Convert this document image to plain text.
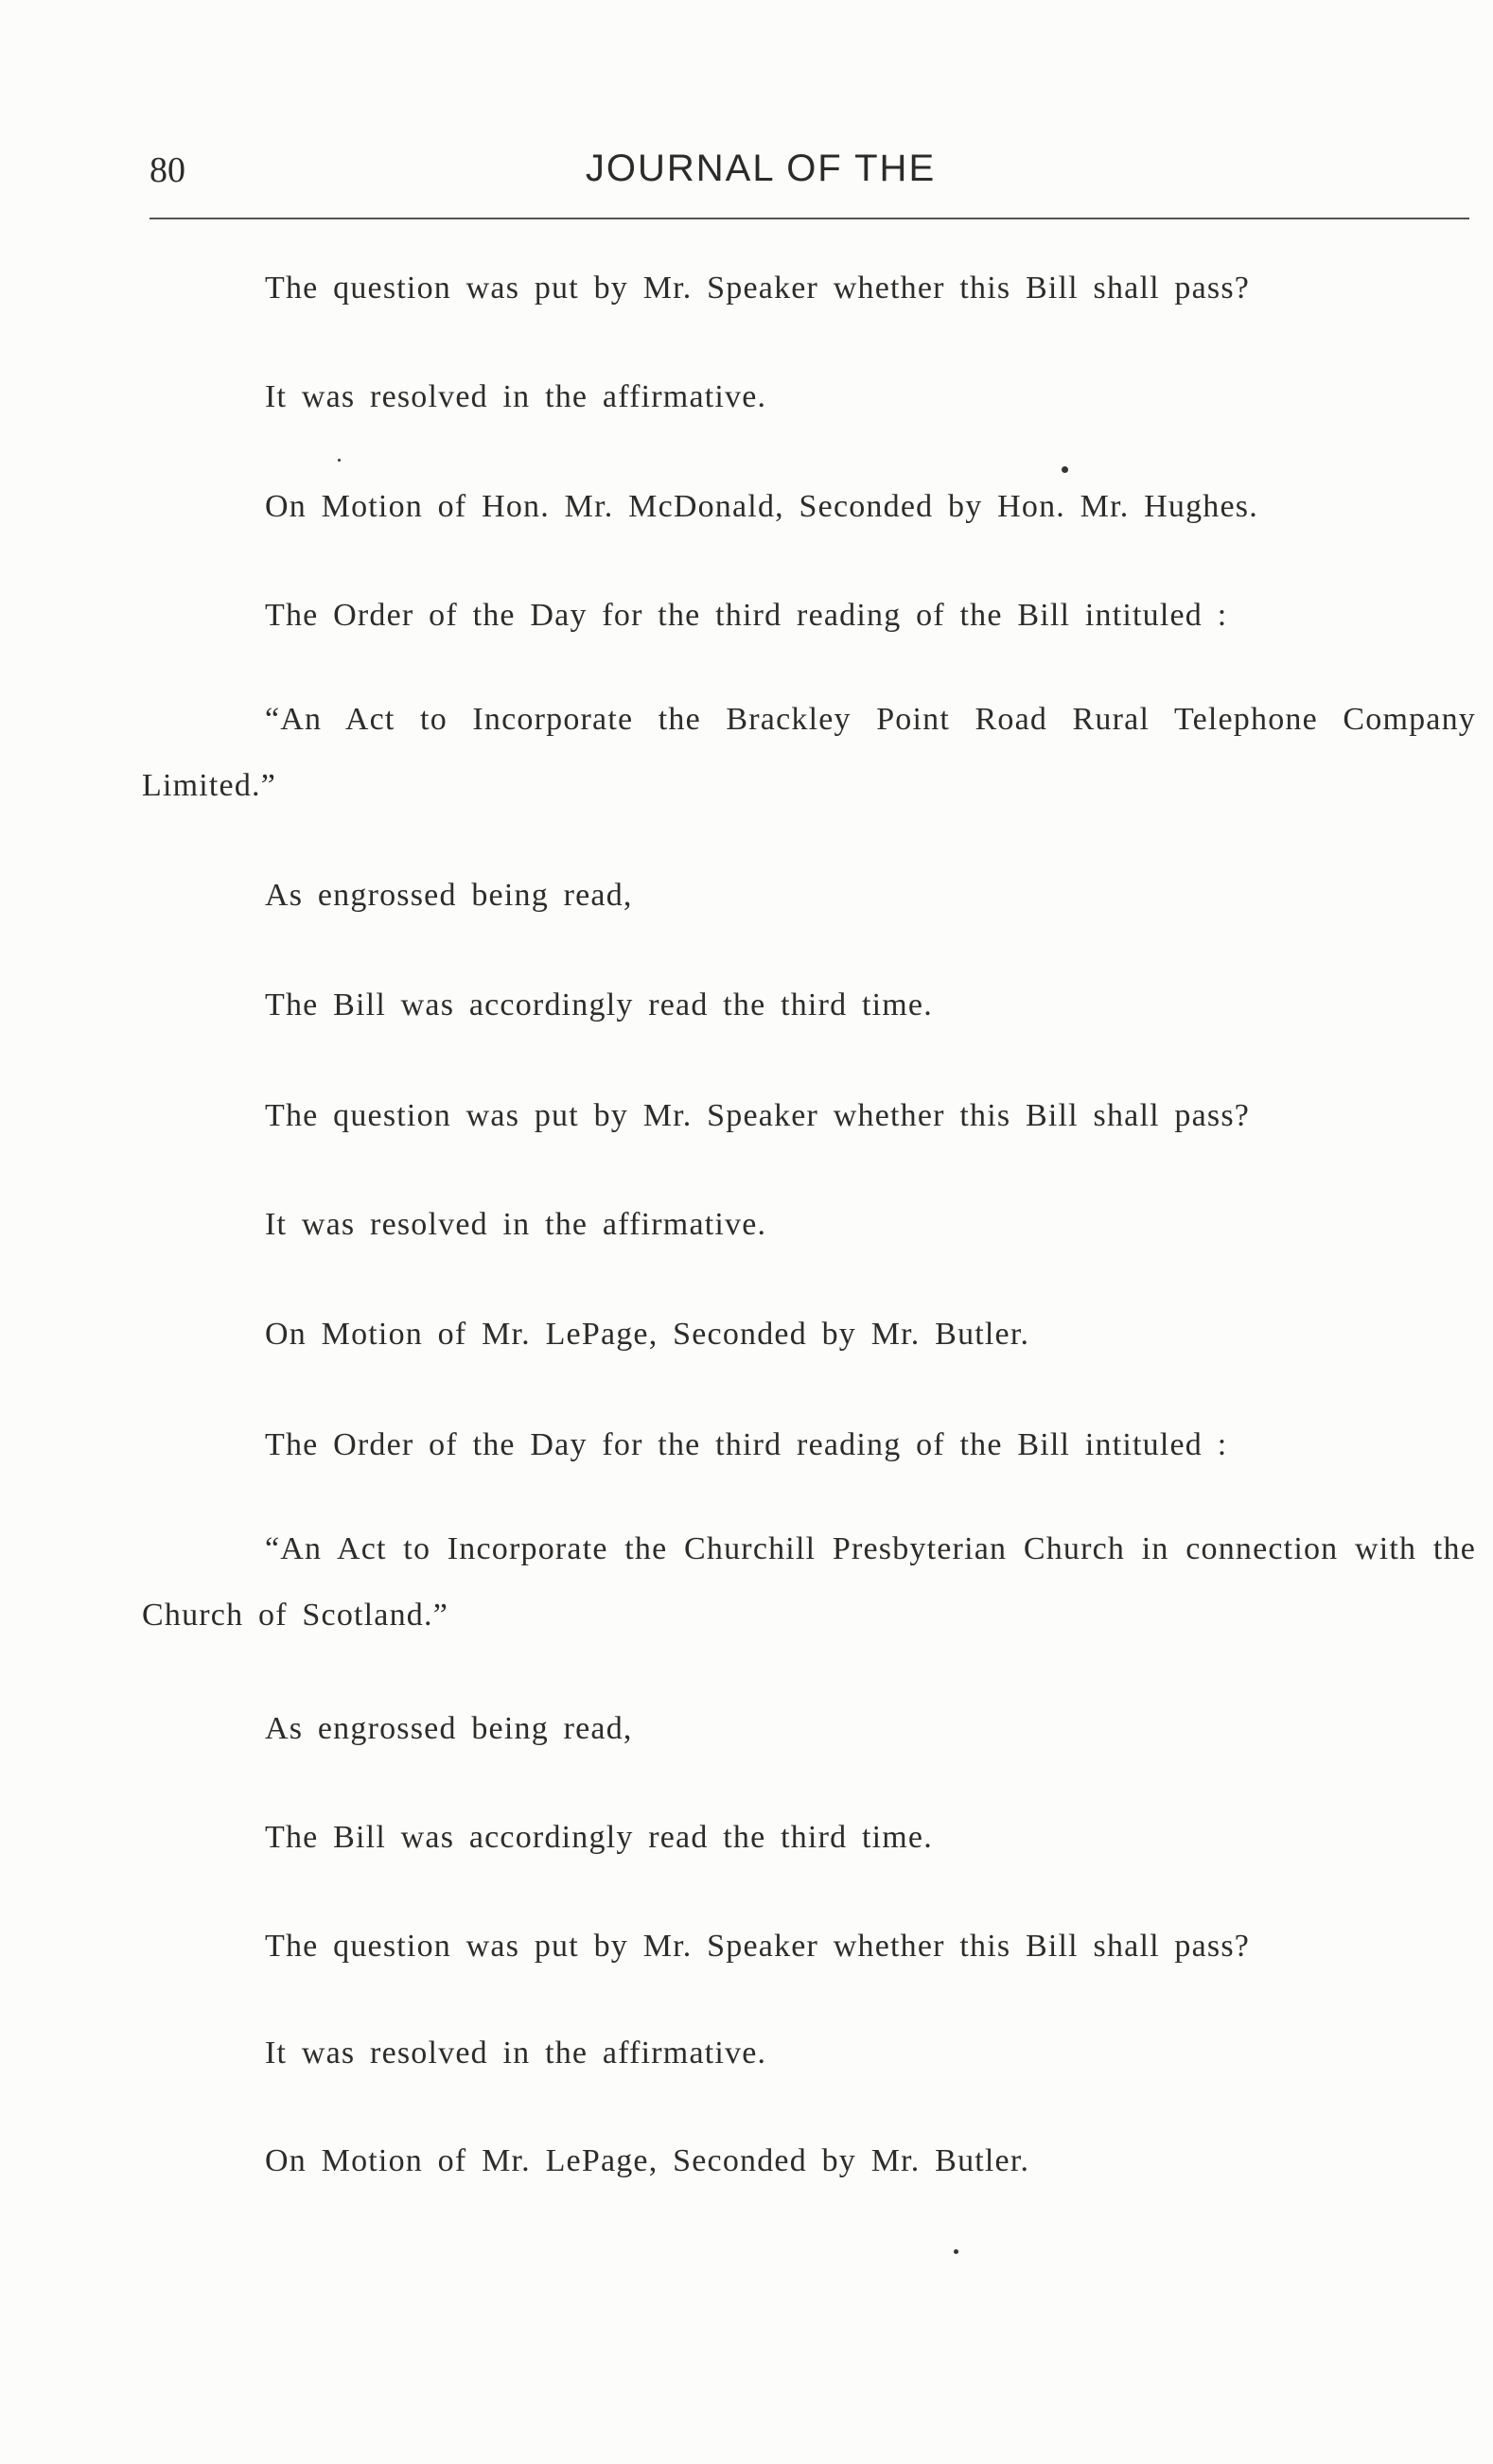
80	JOURNAL OF THE

The question was put by Mr. Speaker whether this Bill shall pass?

It was resolved in the affirmative.

On Motion of Hon. Mr. McDonald, Seconded by Hon. Mr. Hughes.

The Order of the Day for the third reading of the Bill intituled :

“An Act to Incorporate the Brackley Point Road Rural Telephone Company Limited.”

As engrossed being read,

The Bill was accordingly read the third time.

The question was put by Mr. Speaker whether this Bill shall pass?

It was resolved in the affirmative.

On Motion of Mr. LePage, Seconded by Mr. Butler.

The Order of the Day for the third reading of the Bill intituled :

“An Act to Incorporate the Churchill Presbyterian Church in connection with the Church of Scotland.”

As engrossed being read,

The Bill was accordingly read the third time.

The question was put by Mr. Speaker whether this Bill shall pass?

It was resolved in the affirmative.

On Motion of Mr. LePage, Seconded by Mr. Butler.
